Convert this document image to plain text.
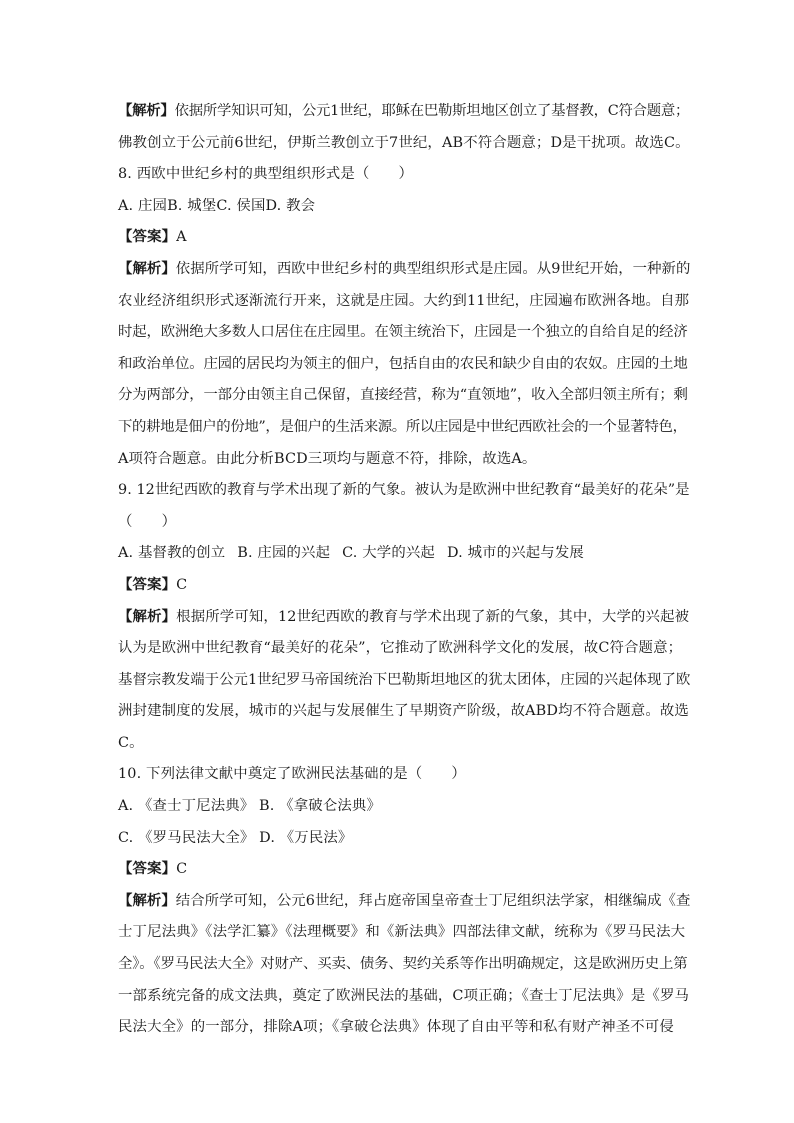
【解析】依据所学知识可知，公元1世纪，耶稣在巴勒斯坦地区创立了基督教，C符合题意；
佛教创立于公元前6世纪，伊斯兰教创立于7世纪，AB不符合题意；D是干扰项。故选C。
8. 西欧中世纪乡村的典型组织形式是（　　）
A. 庄园B. 城堡C. 侯国D. 教会
【答案】A
【解析】依据所学可知，西欧中世纪乡村的典型组织形式是庄园。从9世纪开始，一种新的
农业经济组织形式逐渐流行开来，这就是庄园。大约到11世纪，庄园遍布欧洲各地。自那
时起，欧洲绝大多数人口居住在庄园里。在领主统治下，庄园是一个独立的自给自足的经济
和政治单位。庄园的居民均为领主的佃户，包括自由的农民和缺少自由的农奴。庄园的土地
分为两部分，一部分由领主自己保留，直接经营，称为“直领地”，收入全部归领主所有；剩
下的耕地是佃户的份地”，是佃户的生活来源。所以庄园是中世纪西欧社会的一个显著特色，
A项符合题意。由此分析BCD三项均与题意不符，排除，故选A。
9. 12世纪西欧的教育与学术出现了新的气象。被认为是欧洲中世纪教育“最美好的花朵”是
（　　）
A. 基督教的创立 B. 庄园的兴起 C. 大学的兴起 D. 城市的兴起与发展
【答案】C
【解析】根据所学可知，12世纪西欧的教育与学术出现了新的气象，其中，大学的兴起被
认为是欧洲中世纪教育“最美好的花朵”，它推动了欧洲科学文化的发展，故C符合题意；
基督宗教发端于公元1世纪罗马帝国统治下巴勒斯坦地区的犹太团体，庄园的兴起体现了欧
洲封建制度的发展，城市的兴起与发展催生了早期资产阶级，故ABD均不符合题意。故选
C。
10. 下列法律文献中奠定了欧洲民法基础的是（　　）
A. 《查士丁尼法典》 B. 《拿破仑法典》
C. 《罗马民法大全》 D. 《万民法》
【答案】C
【解析】结合所学可知，公元6世纪，拜占庭帝国皇帝查士丁尼组织法学家，相继编成《查
士丁尼法典》《法学汇纂》《法理概要》和《新法典》四部法律文献，统称为《罗马民法大
全》。《罗马民法大全》对财产、买卖、债务、契约关系等作出明确规定，这是欧洲历史上第
一部系统完备的成文法典，奠定了欧洲民法的基础，C项正确；《查士丁尼法典》是《罗马
民法大全》的一部分，排除A项；《拿破仑法典》体现了自由平等和私有财产神圣不可侵
